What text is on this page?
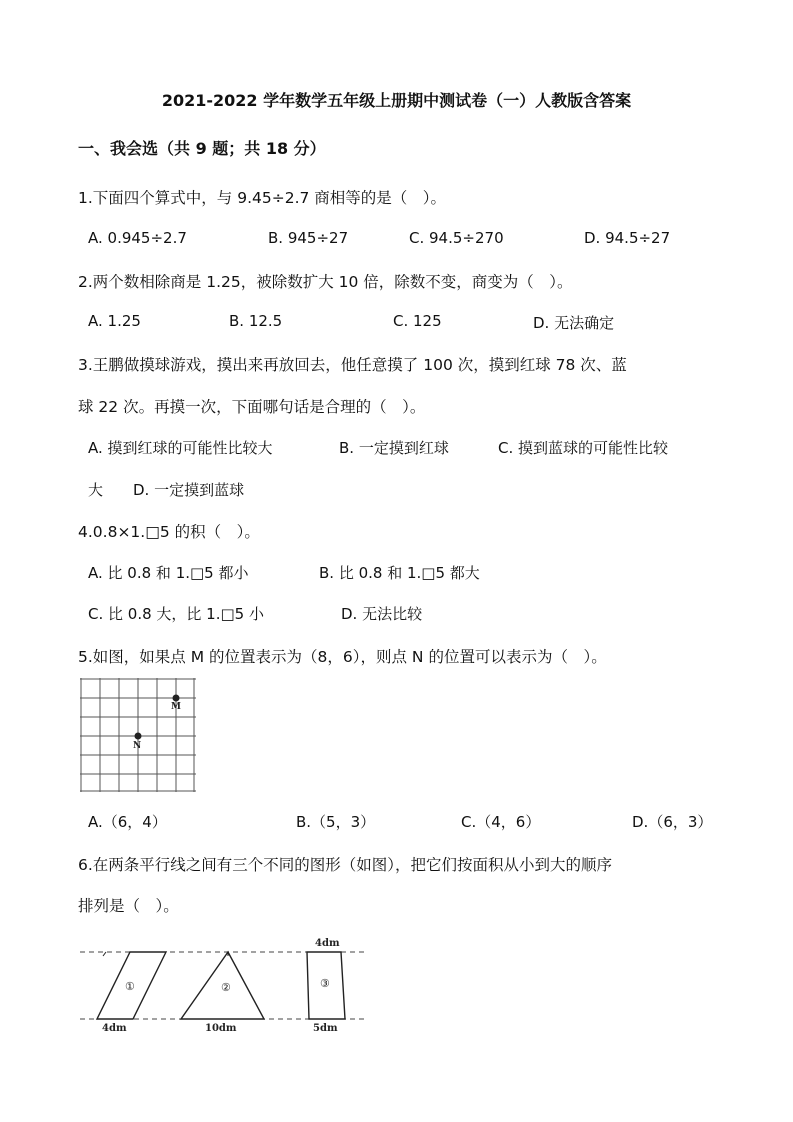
2021-2022 学年数学五年级上册期中测试卷（一）人教版含答案
一、我会选（共 9 题；共 18 分）
1.下面四个算式中，与 9.45÷2.7 商相等的是（　）。
A. 0.945÷2.7	B. 945÷27	C. 94.5÷270	D. 94.5÷27
2.两个数相除商是 1.25，被除数扩大 10 倍，除数不变，商变为（　）。
A. 1.25	B. 12.5	C. 125	D. 无法确定
3.王鹏做摸球游戏，摸出来再放回去，他任意摸了 100 次，摸到红球 78 次、蓝
球 22 次。再摸一次，下面哪句话是合理的（　）。
A. 摸到红球的可能性比较大	B. 一定摸到红球	C. 摸到蓝球的可能性比较
大 D. 一定摸到蓝球
4.0.8×1.□5 的积（　）。
A. 比 0.8 和 1.□5 都小	B. 比 0.8 和 1.□5 都大
C. 比 0.8 大，比 1.□5 小	D. 无法比较
5.如图，如果点 M 的位置表示为（8，6），则点 N 的位置可以表示为（　）。
M
N
A.（6，4）	B.（5，3）	C.（4，6）	D.（6，3）
6.在两条平行线之间有三个不同的图形（如图），把它们按面积从小到大的顺序
排列是（　）。
①	②	③
4dm	10dm
4dm
5dm
